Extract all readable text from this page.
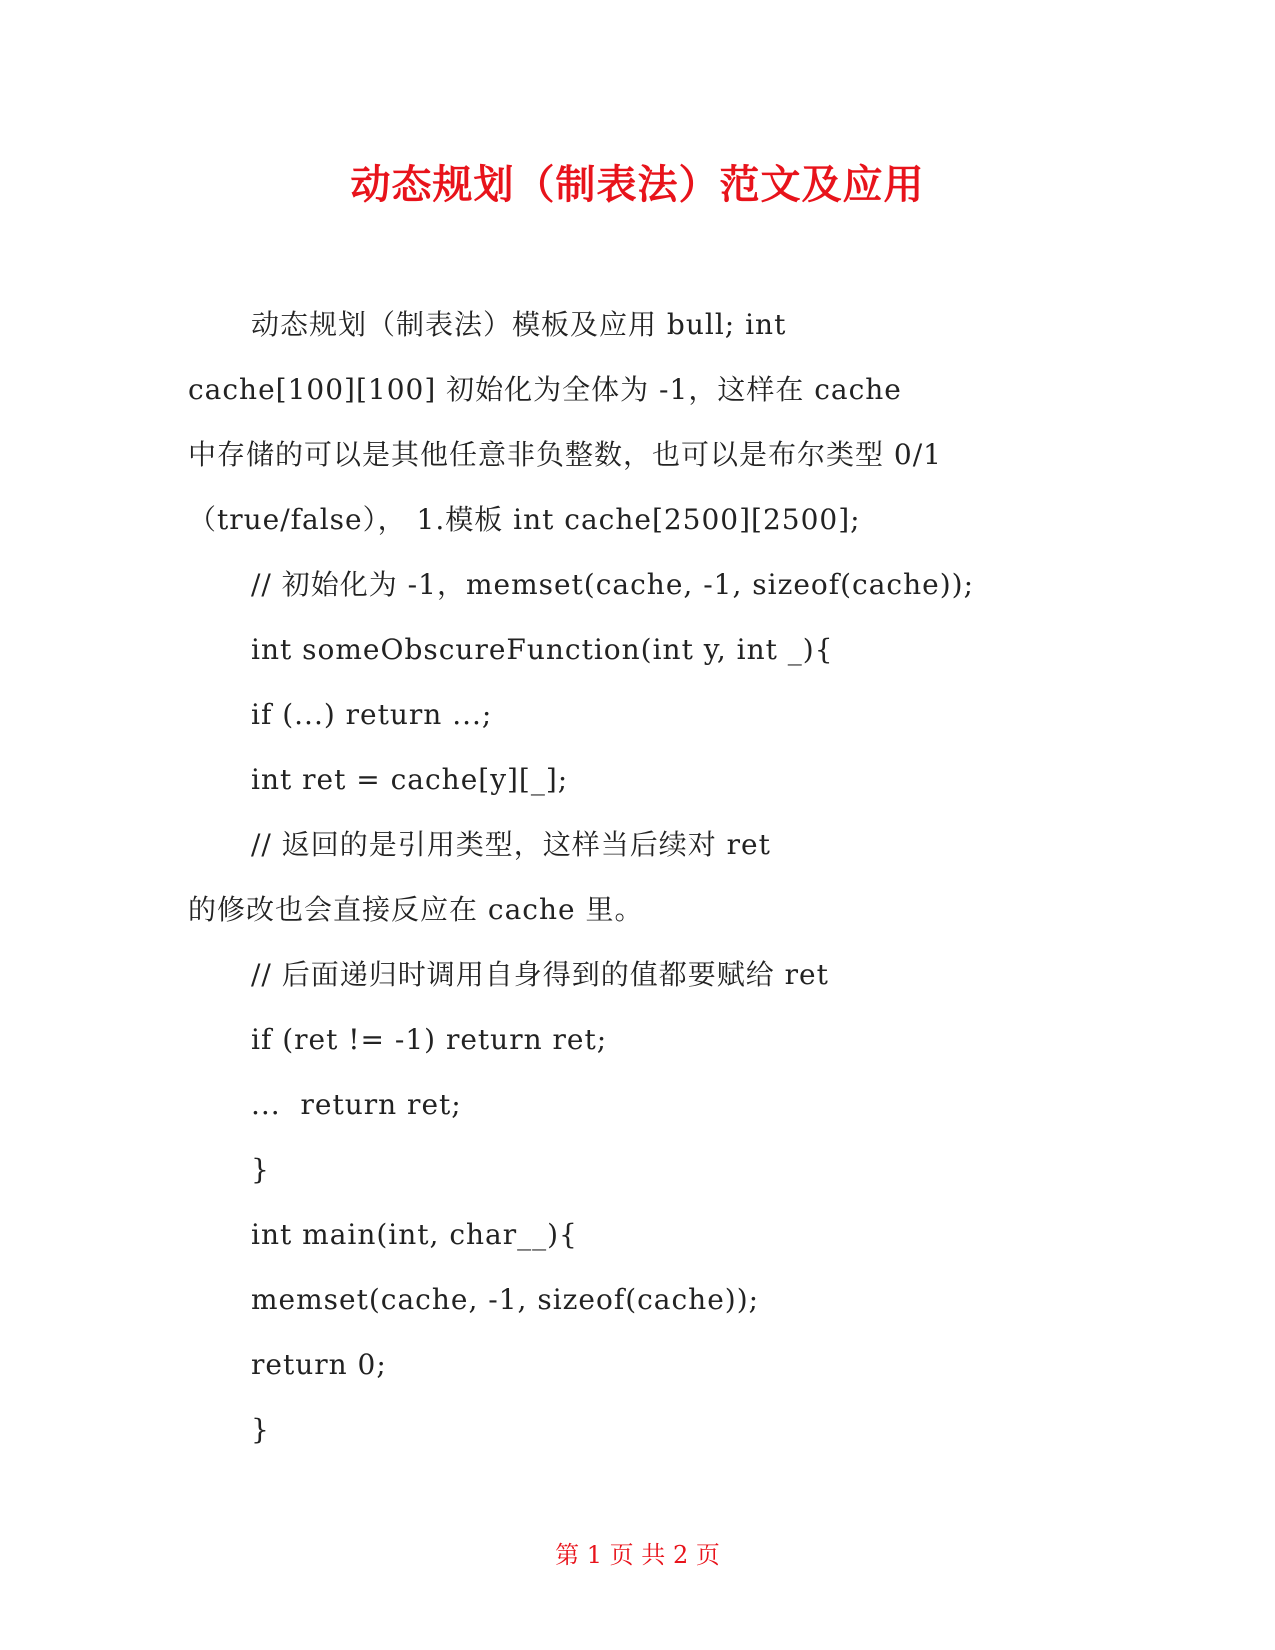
动态规划（制表法）范文及应用
动态规划（制表法）模板及应用 bull; int
cache[100][100] 初始化为全体为 -1，这样在 cache
中存储的可以是其他任意非负整数，也可以是布尔类型 0/1
（true/false）， 1.模板 int cache[2500][2500];
// 初始化为 -1，memset(cache, -1, sizeof(cache));
int someObscureFunction(int y, int _){
if (...) return ...;
int ret = cache[y][_];
// 返回的是引用类型，这样当后续对 ret
的修改也会直接反应在 cache 里。
// 后面递归时调用自身得到的值都要赋给 ret
if (ret != -1) return ret;
...  return ret;
}
int main(int, char__){
memset(cache, -1, sizeof(cache));
return 0;
}
第 1 页 共 2 页
